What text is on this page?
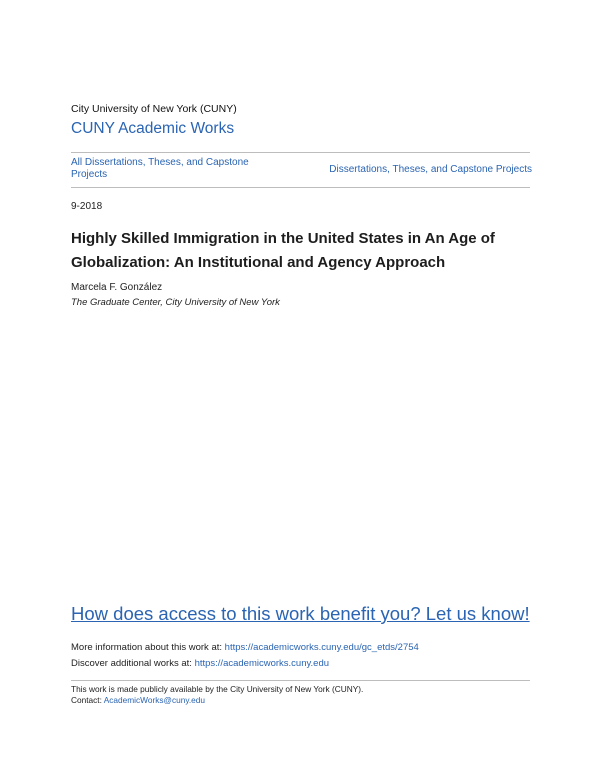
City University of New York (CUNY)
CUNY Academic Works
All Dissertations, Theses, and Capstone Projects	Dissertations, Theses, and Capstone Projects
9-2018
Highly Skilled Immigration in the United States in An Age of Globalization: An Institutional and Agency Approach
Marcela F. González
The Graduate Center, City University of New York
How does access to this work benefit you? Let us know!
More information about this work at: https://academicworks.cuny.edu/gc_etds/2754
Discover additional works at: https://academicworks.cuny.edu
This work is made publicly available by the City University of New York (CUNY).
Contact: AcademicWorks@cuny.edu
